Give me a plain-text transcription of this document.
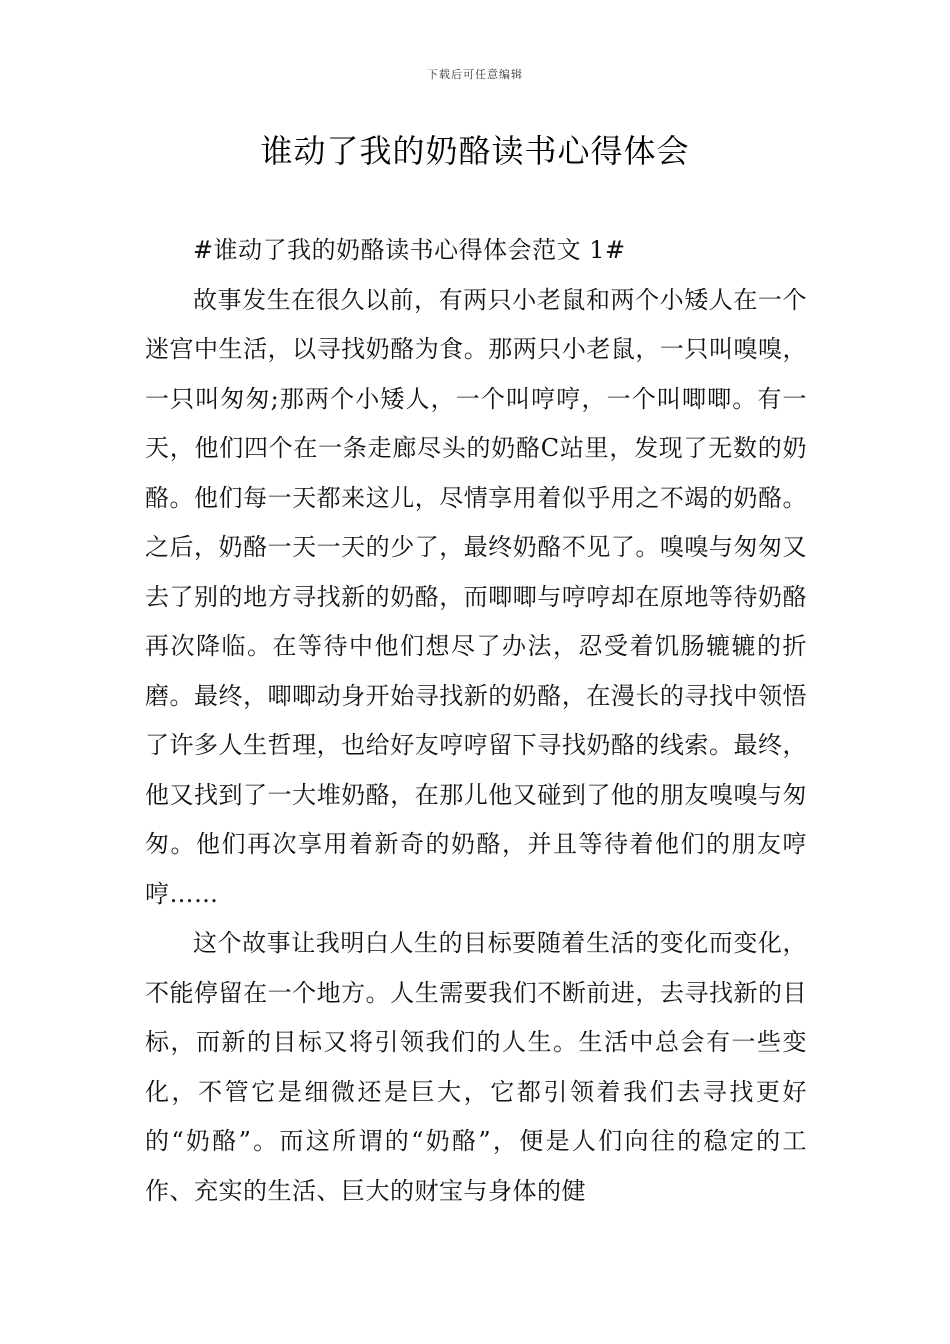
下载后可任意编辑
谁动了我的奶酪读书心得体会

#谁动了我的奶酪读书心得体会范文 1#

故事发生在很久以前，有两只小老鼠和两个小矮人在一个迷宫中生活，以寻找奶酪为食。那两只小老鼠，一只叫嗅嗅，一只叫匆匆;那两个小矮人，一个叫哼哼，一个叫唧唧。有一天，他们四个在一条走廊尽头的奶酪C站里，发现了无数的奶酪。他们每一天都来这儿，尽情享用着似乎用之不竭的奶酪。之后，奶酪一天一天的少了，最终奶酪不见了。嗅嗅与匆匆又去了别的地方寻找新的奶酪，而唧唧与哼哼却在原地等待奶酪再次降临。在等待中他们想尽了办法，忍受着饥肠辘辘的折磨。最终，唧唧动身开始寻找新的奶酪，在漫长的寻找中领悟了许多人生哲理，也给好友哼哼留下寻找奶酪的线索。最终，他又找到了一大堆奶酪，在那儿他又碰到了他的朋友嗅嗅与匆匆。他们再次享用着新奇的奶酪，并且等待着他们的朋友哼哼……

这个故事让我明白人生的目标要随着生活的变化而变化，不能停留在一个地方。人生需要我们不断前进，去寻找新的目标，而新的目标又将引领我们的人生。生活中总会有一些变化，不管它是细微还是巨大，它都引领着我们去寻找更好的“奶酪”。而这所谓的“奶酪”，便是人们向往的稳定的工作、充实的生活、巨大的财宝与身体的健
